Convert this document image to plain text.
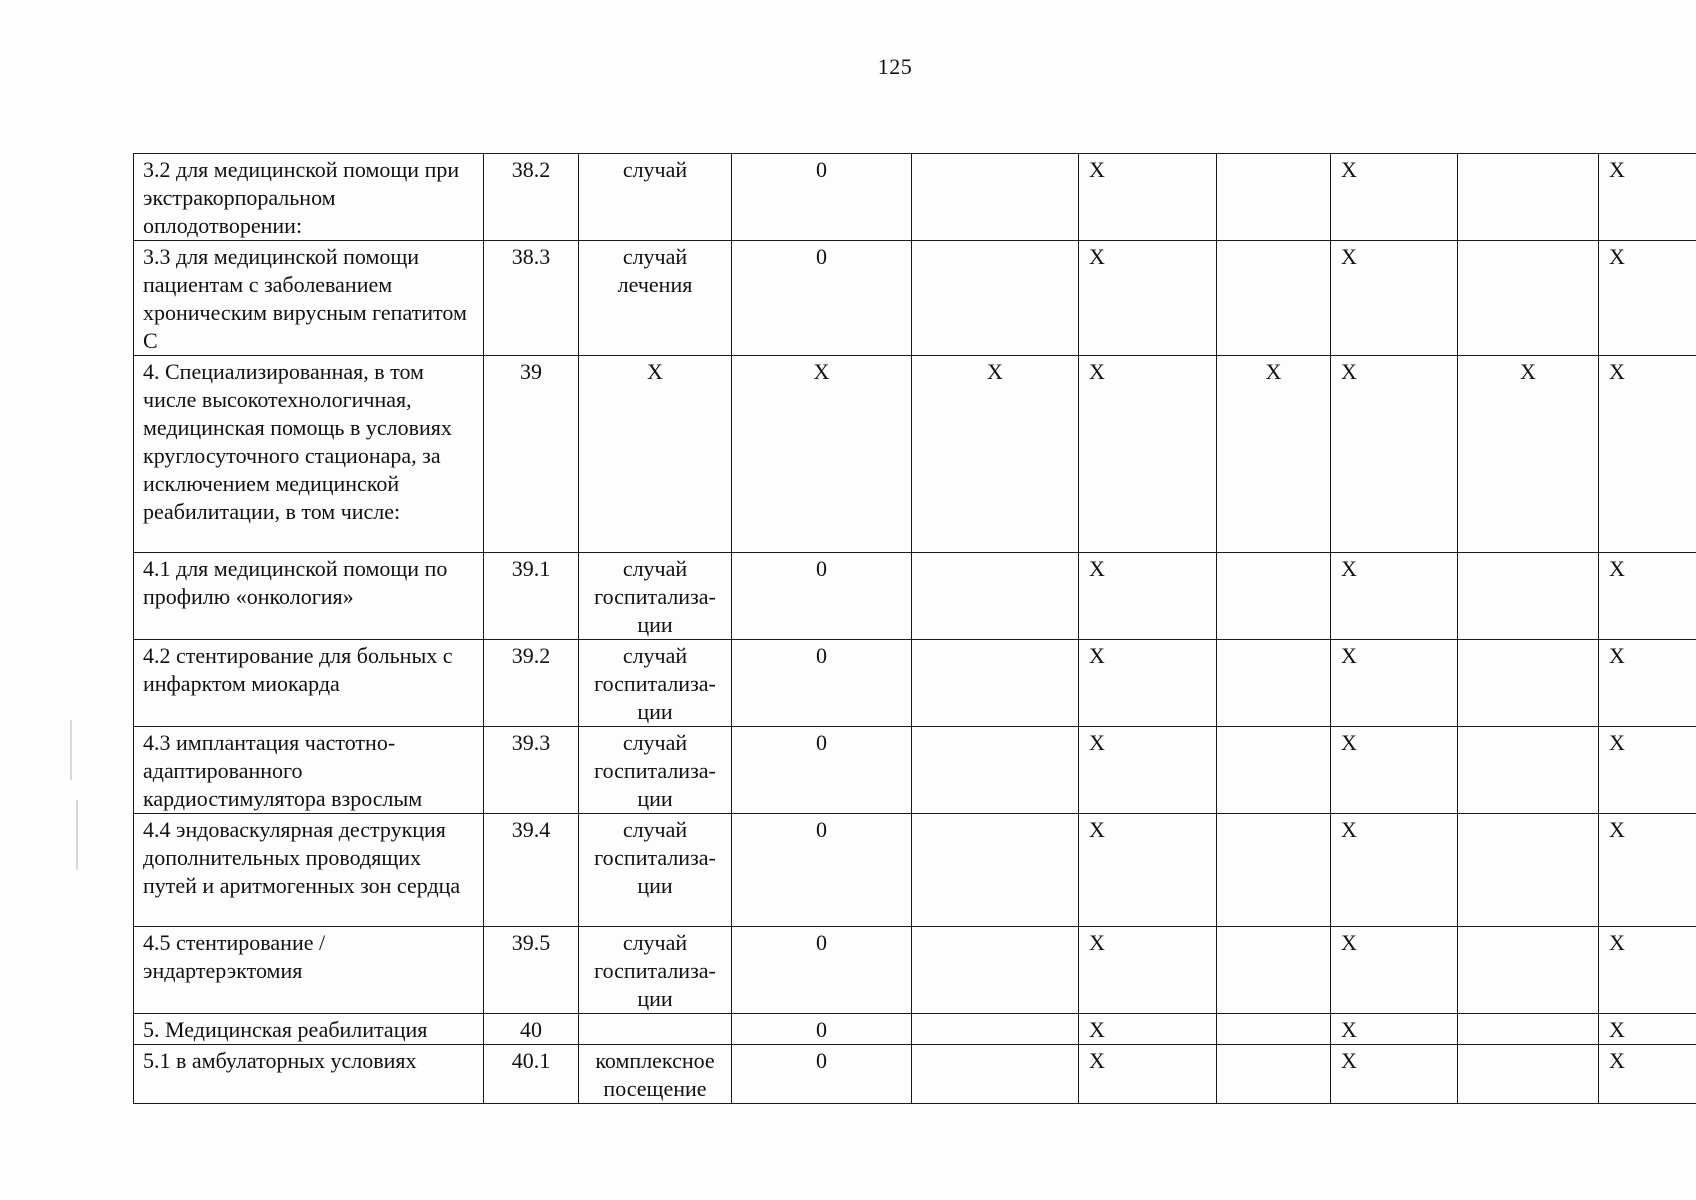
125
3.2 для медицинской помощи при экстракорпоральном оплодотворении:	38.2	случай	0		X		X		X
3.3 для медицинской помощи пациентам с заболеванием хроническим вирусным гепатитом С	38.3	случай лечения	0		X		X		X
4. Специализированная, в том числе высокотехнологичная, медицинская помощь в условиях круглосуточного стационара, за исключением медицинской реабилитации, в том числе:	39	X	X	X	X	X	X	X	X
4.1 для медицинской помощи по профилю «онкология»	39.1	случай госпитализа-ции	0		X		X		X
4.2 стентирование для больных с инфарктом миокарда	39.2	случай госпитализа-ции	0		X		X		X
4.3 имплантация частотно-адаптированного кардиостимулятора взрослым	39.3	случай госпитализа-ции	0		X		X		X
4.4 эндоваскулярная деструкция дополнительных проводящих путей и аритмогенных зон сердца	39.4	случай госпитализа-ции	0		X		X		X
4.5 стентирование / эндартерэктомия	39.5	случай госпитализа-ции	0		X		X		X
5. Медицинская реабилитация	40		0		X		X		X
5.1 в амбулаторных условиях	40.1	комплексное посещение	0		X		X		X
